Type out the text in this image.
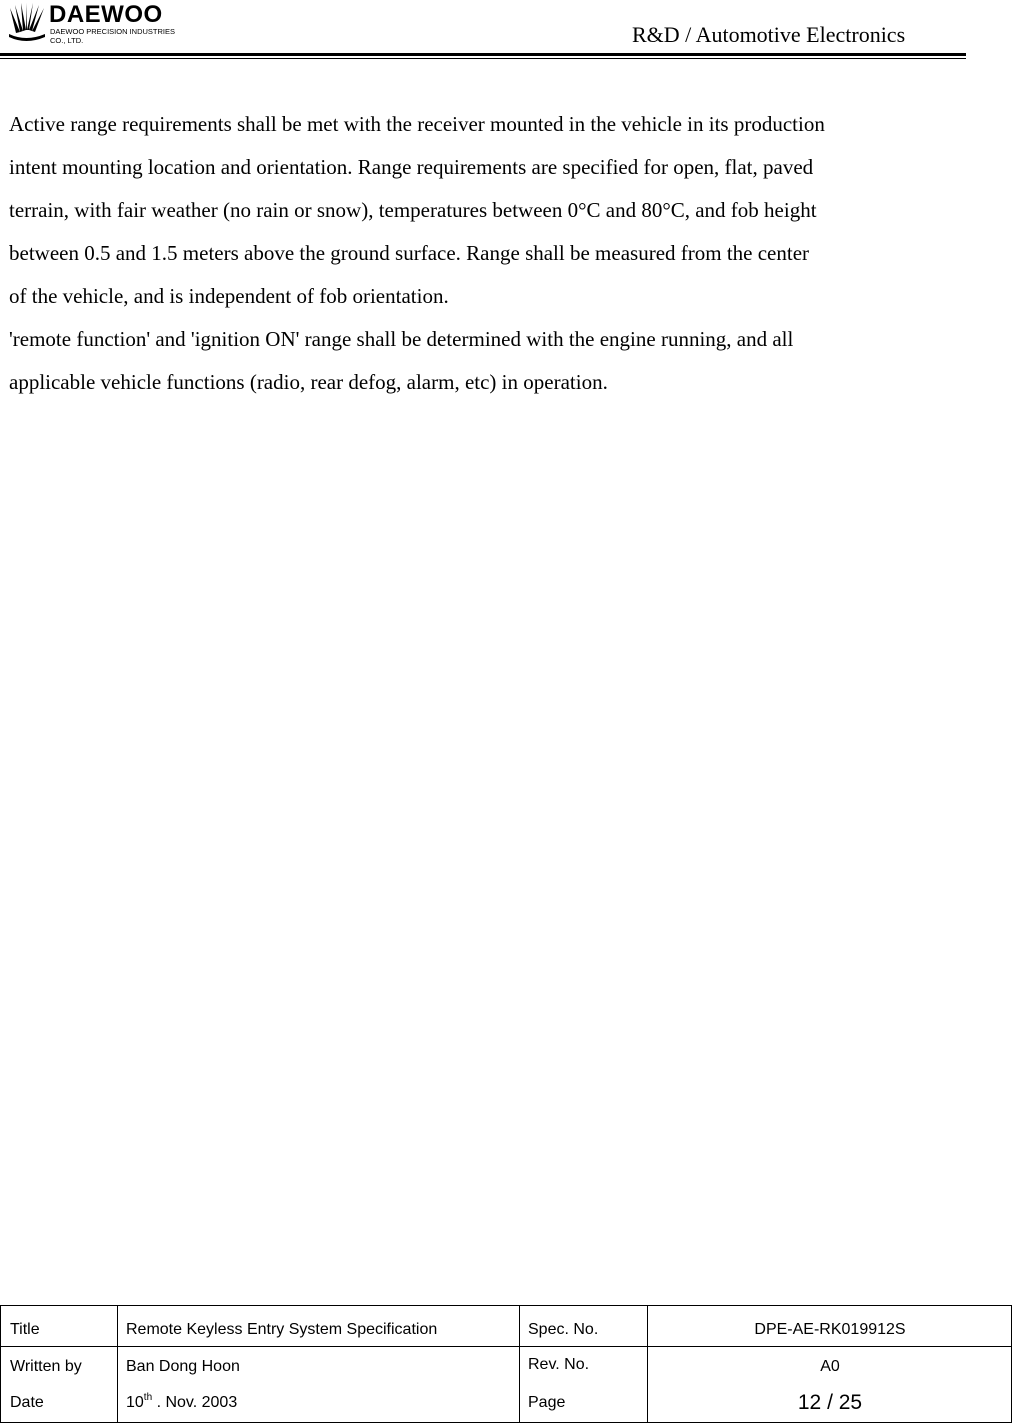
DAEWOO
DAEWOO PRECISION INDUSTRIES
CO., LTD.	R&D / Automotive Electronics

Active range requirements shall be met with the receiver mounted in the vehicle in its production

intent mounting location and orientation. Range requirements are specified for open, flat, paved

terrain, with fair weather (no rain or snow), temperatures between 0°C and 80°C, and fob height

between 0.5 and 1.5 meters above the ground surface. Range shall be measured from the center

of the vehicle, and is independent of fob orientation.

'remote function' and 'ignition ON' range shall be determined with the engine running, and all

applicable vehicle functions (radio, rear defog, alarm, etc) in operation.

Title	Remote Keyless Entry System Specification	Spec. No.	DPE-AE-RK019912S
Written by	Ban Dong Hoon	Rev. No.	A0
Date	10th . Nov. 2003	Page	12 / 25
